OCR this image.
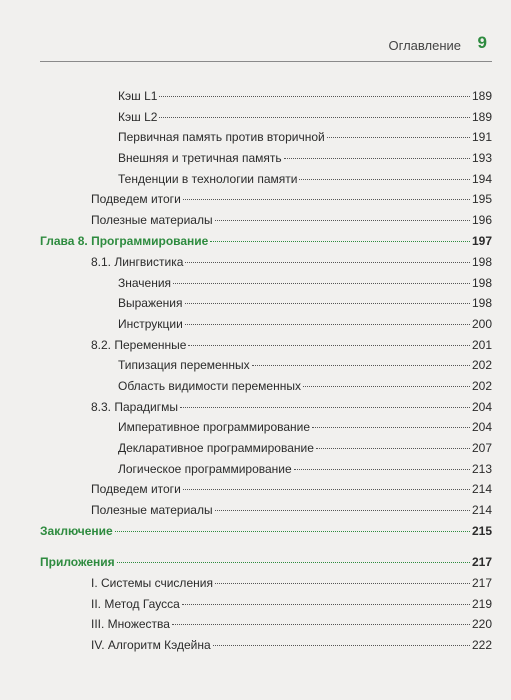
Оглавление 9
Кэш L1	189
Кэш L2	189
Первичная память против вторичной	191
Внешняя и третичная память	193
Тенденции в технологии памяти	194
Подведем итоги	195
Полезные материалы	196
Глава 8. Программирование	197
8.1. Лингвистика	198
Значения	198
Выражения	198
Инструкции	200
8.2. Переменные	201
Типизация переменных	202
Область видимости переменных	202
8.3. Парадигмы	204
Императивное программирование	204
Декларативное программирование	207
Логическое программирование	213
Подведем итоги	214
Полезные материалы	214
Заключение	215
Приложения	217
I. Системы счисления	217
II. Метод Гаусса	219
III. Множества	220
IV. Алгоритм Кэдейна	222
